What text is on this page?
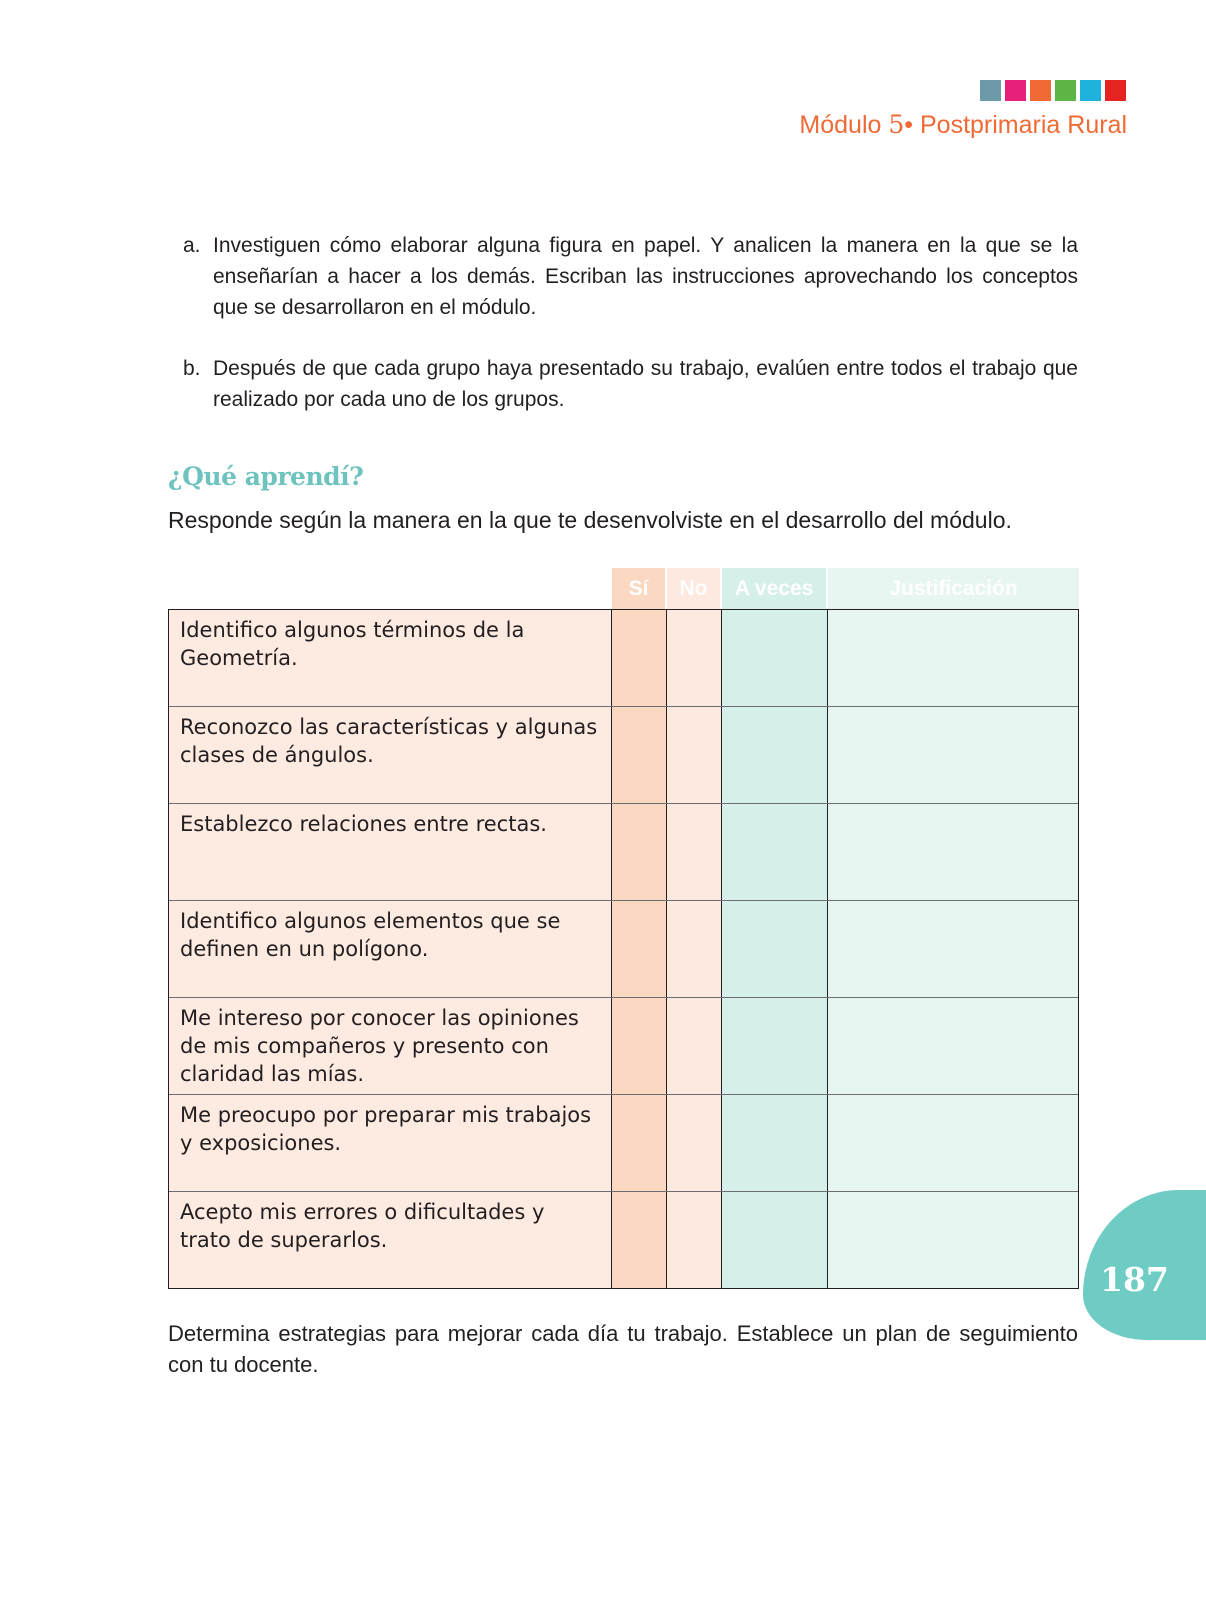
Módulo 5• Postprimaria Rural
a. Investiguen cómo elaborar alguna figura en papel. Y analicen la manera en la que se la enseñarían a hacer a los demás. Escriban las instrucciones aprovechando los conceptos que se desarrollaron en el módulo.
b. Después de que cada grupo haya presentado su trabajo, evalúen entre todos el trabajo que realizado por cada uno de los grupos.
¿Qué aprendí?
Responde según la manera en la que te desenvolviste en el desarrollo del módulo.
Sí	No	A veces	Justificación
Identifico algunos términos de la Geometría.
Reconozco las características y algunas clases de ángulos.
Establezco relaciones entre rectas.
Identifico algunos elementos que se definen en un polígono.
Me intereso por conocer las opiniones de mis compañeros y presento con claridad las mías.
Me preocupo por preparar mis trabajos y exposiciones.
Acepto mis errores o dificultades y trato de superarlos.
187
Determina estrategias para mejorar cada día tu trabajo. Establece un plan de seguimiento con tu docente.
